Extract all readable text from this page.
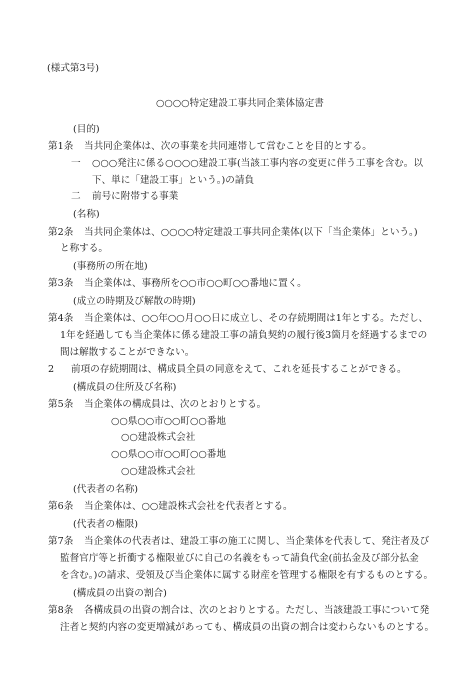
(様式第3号)
○○○○特定建設工事共同企業体協定書
(目的)
第1条 当共同企業体は、次の事業を共同連帯して営むことを目的とする。
一 ○○○発注に係る○○○○建設工事(当該工事内容の変更に伴う工事を含む。以
下、単に「建設工事」という。)の請負
二 前号に附帯する事業
(名称)
第2条 当共同企業体は、○○○○特定建設工事共同企業体(以下「当企業体」という。)
と称する。
(事務所の所在地)
第3条 当企業体は、事務所を○○市○○町○○番地に置く。
(成立の時期及び解散の時期)
第4条 当企業体は、○○年○○月○○日に成立し、その存続期間は1年とする。ただし、
1年を経過しても当企業体に係る建設工事の請負契約の履行後3箇月を経過するまでの
間は解散することができない。
2 前項の存続期間は、構成員全員の同意をえて、これを延長することができる。
(構成員の住所及び名称)
第5条 当企業体の構成員は、次のとおりとする。
○○県○○市○○町○○番地
○○建設株式会社
○○県○○市○○町○○番地
○○建設株式会社
(代表者の名称)
第6条 当企業体は、○○建設株式会社を代表者とする。
(代表者の権限)
第7条 当企業体の代表者は、建設工事の施工に関し、当企業体を代表して、発注者及び
監督官庁等と折衝する権限並びに自己の名義をもって請負代金(前払金及び部分払金
を含む。)の請求、受領及び当企業体に属する財産を管理する権限を有するものとする。
(構成員の出資の割合)
第8条 各構成員の出資の割合は、次のとおりとする。ただし、当該建設工事について発
注者と契約内容の変更増減があっても、構成員の出資の割合は変わらないものとする。
